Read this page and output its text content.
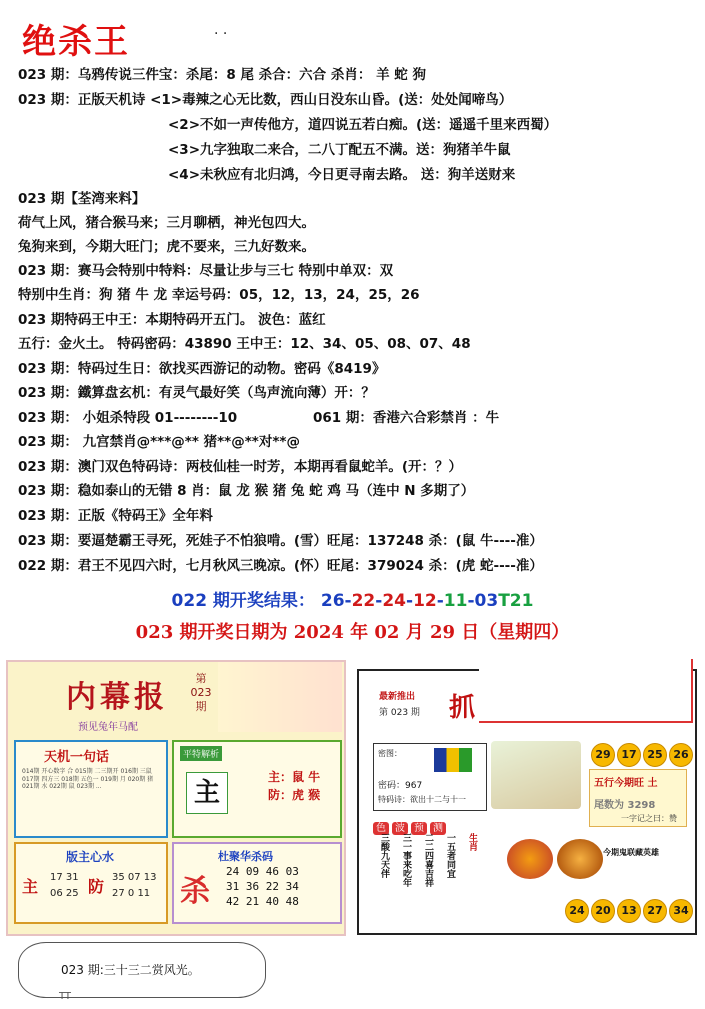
绝杀王	. .
023 期：乌鸦传说三件宝：杀尾：8 尾 杀合：六合 杀肖： 羊 蛇 狗
023 期：正版天机诗 <1>毒辣之心无比数，西山日没东山昏。(送：处处闻啼鸟）
<2>不如一声传他方，道四说五若白痴。(送：遥遥千里来西蜀）
<3>九字独取二来合，二八丁配五不满。送：狗猪羊牛鼠
<4>未秋应有北归鸿，今日更寻南去路。 送：狗羊送财来
023 期【荃湾来料】
荷气上风，猪合猴马来；三月聊栖，神光包四大。
兔狗来到，今期大旺门；虎不要来，三九好数来。
023 期：赛马会特别中特料：尽量让步与三七 特别中单双：双
特别中生肖：狗 猪 牛 龙 幸运号码：05，12，13，24，25，26
023 期特码王中王：本期特码开五门。 波色：蓝红
五行：金火土。 特码密码：43890 王中王：12、34、05、08、07、48
023 期：特码过生日：欲找买西游记的动物。密码《8419》
023 期：鐵算盘玄机：有灵气最好笑（鸟声流向薄）开：？
023 期： 小姐杀特段 01--------10	061 期：香港六合彩禁肖 ：牛
023 期： 九宫禁肖@***@** 猪**@**对**@
023 期：澳门双色特码诗：两枝仙桂一时芳，本期再看鼠蛇羊。(开：？）
023 期：稳如泰山的无错 8 肖：鼠 龙 猴 猪 兔 蛇 鸡 马（连中 N 多期了）
023 期：正版《特码王》全年料
023 期：要逼楚霸王寻死，死娃子不怕狼啃。(雪）旺尾：137248 杀：(鼠 牛----准）
022 期：君王不见四六时，七月秋风三晚凉。(怀）旺尾：379024 杀：(虎 蛇----准）
022 期开奖结果： 26-22-24-12-11-03T21
023 期开奖日期为 2024 年 02 月 29 日（星期四）
内幕报
第 023 期
预见兔年马配
天机一句话
014期 开心数字 合 015期 二三期开 016期 三鼠 017期 四方三 018期 五色一 019期 月 020期 猪 021期 水 022期 鼠 023期 ...
平特解析
主
主：鼠 牛
防：虎 猴
版主心水
主 17 31
06 25 防 35 07 13
27 0 11
杜聚华杀码
杀
24 09 46 03
31 36 22 34
42 21 40 48
最新推出
第 023 期 抓
密图：
密码：967
特码诗：欲出十二与十一
29 17 25 26
五行今期旺 土
尾数为 3298
色 波 预 测
三酸九天伴 三一事来吃年 二二四喜吉祥 一五者同宜 生肖
一字记之曰：赞
今期鬼联藏英雄
24 20 13 27 34
023 期:三十三二赏风光。
TT
